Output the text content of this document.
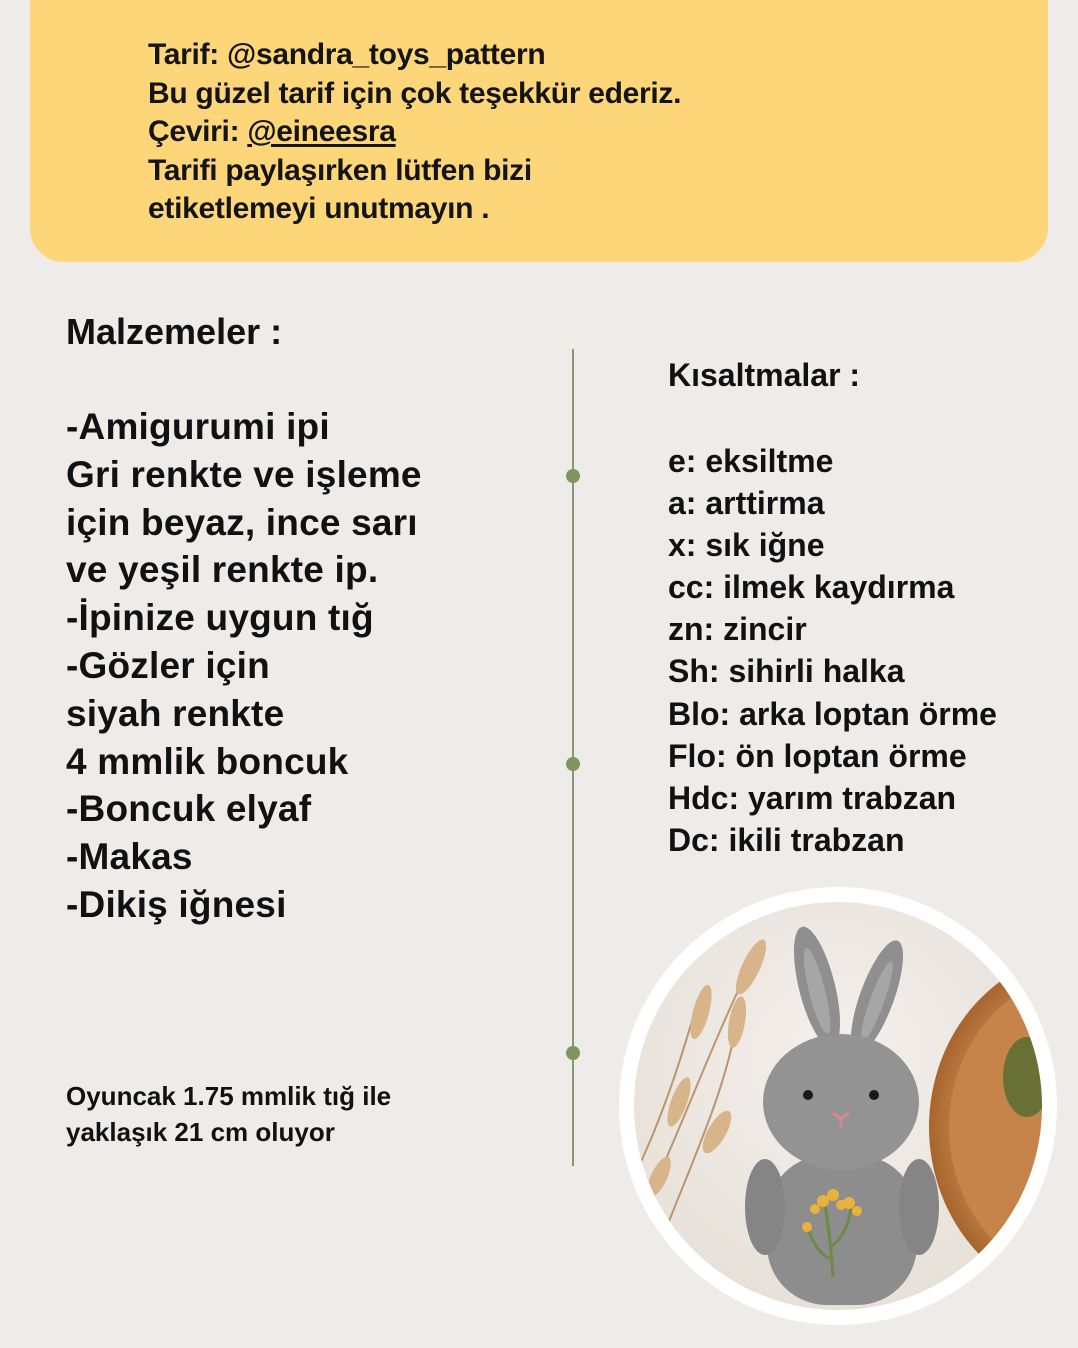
Tarif: @sandra_toys_pattern
Bu güzel tarif için çok teşekkür ederiz.
Çeviri: @eineesra
Tarifi paylaşırken lütfen bizi
etiketlemeyi unutmayın .
Malzemeler :
-Amigurumi ipi
Gri renkte ve işleme
için beyaz, ince sarı
ve yeşil renkte ip.
-İpinize uygun tığ
-Gözler için
siyah renkte
4 mmlik boncuk
-Boncuk elyaf
-Makas
-Dikiş iğnesi
Oyuncak 1.75 mmlik tığ ile
yaklaşık 21 cm oluyor
Kısaltmalar :
e: eksiltme
a: arttirma
x: sık iğne
cc: ilmek kaydırma
zn: zincir
Sh: sihirli halka
Blo: arka loptan örme
Flo: ön loptan örme
Hdc: yarım trabzan
Dc: ikili trabzan
